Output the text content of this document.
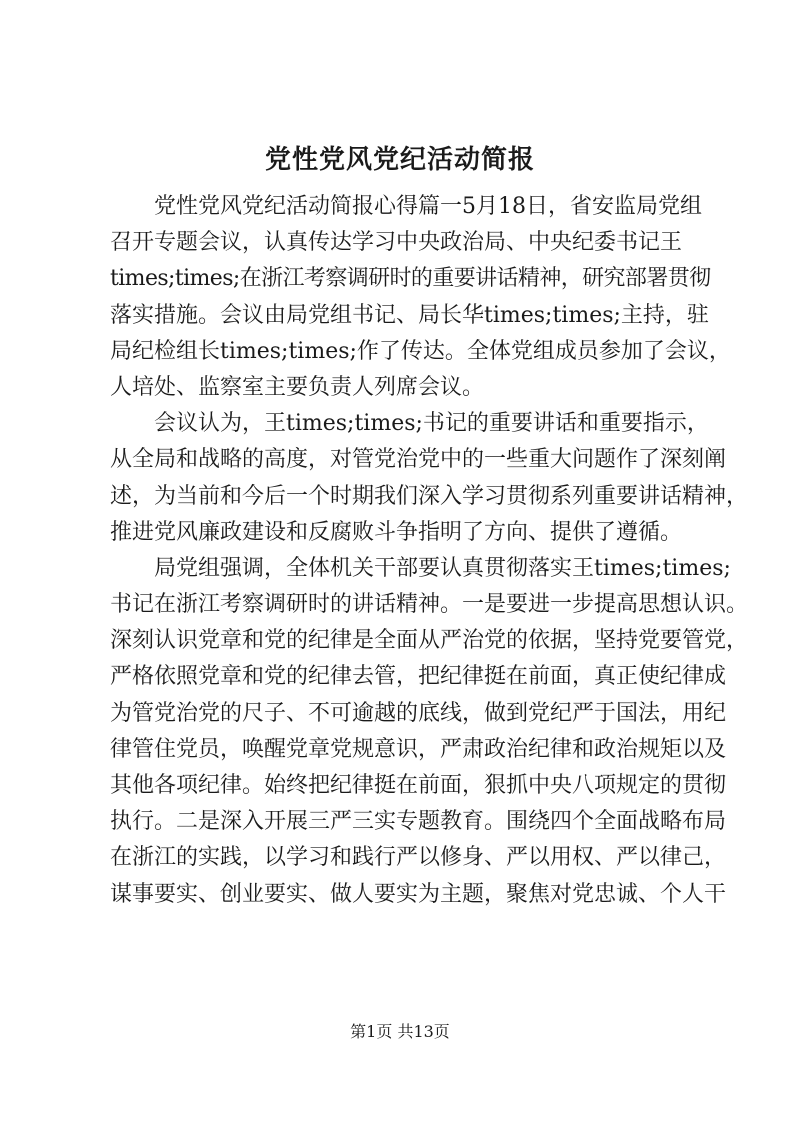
党性党风党纪活动简报
党性党风党纪活动简报心得篇一5月18日，省安监局党组
召开专题会议，认真传达学习中央政治局、中央纪委书记王
times;times;在浙江考察调研时的重要讲话精神，研究部署贯彻
落实措施。会议由局党组书记、局长华times;times;主持，驻
局纪检组长times;times;作了传达。全体党组成员参加了会议，
人培处、监察室主要负责人列席会议。
会议认为，王times;times;书记的重要讲话和重要指示，
从全局和战略的高度，对管党治党中的一些重大问题作了深刻阐
述，为当前和今后一个时期我们深入学习贯彻系列重要讲话精神，
推进党风廉政建设和反腐败斗争指明了方向、提供了遵循。
局党组强调，全体机关干部要认真贯彻落实王times;times;
书记在浙江考察调研时的讲话精神。一是要进一步提高思想认识。
深刻认识党章和党的纪律是全面从严治党的依据，坚持党要管党，
严格依照党章和党的纪律去管，把纪律挺在前面，真正使纪律成
为管党治党的尺子、不可逾越的底线，做到党纪严于国法，用纪
律管住党员，唤醒党章党规意识，严肃政治纪律和政治规矩以及
其他各项纪律。始终把纪律挺在前面，狠抓中央八项规定的贯彻
执行。二是深入开展三严三实专题教育。围绕四个全面战略布局
在浙江的实践，以学习和践行严以修身、严以用权、严以律己，
谋事要实、创业要实、做人要实为主题，聚焦对党忠诚、个人干
第1页 共13页
